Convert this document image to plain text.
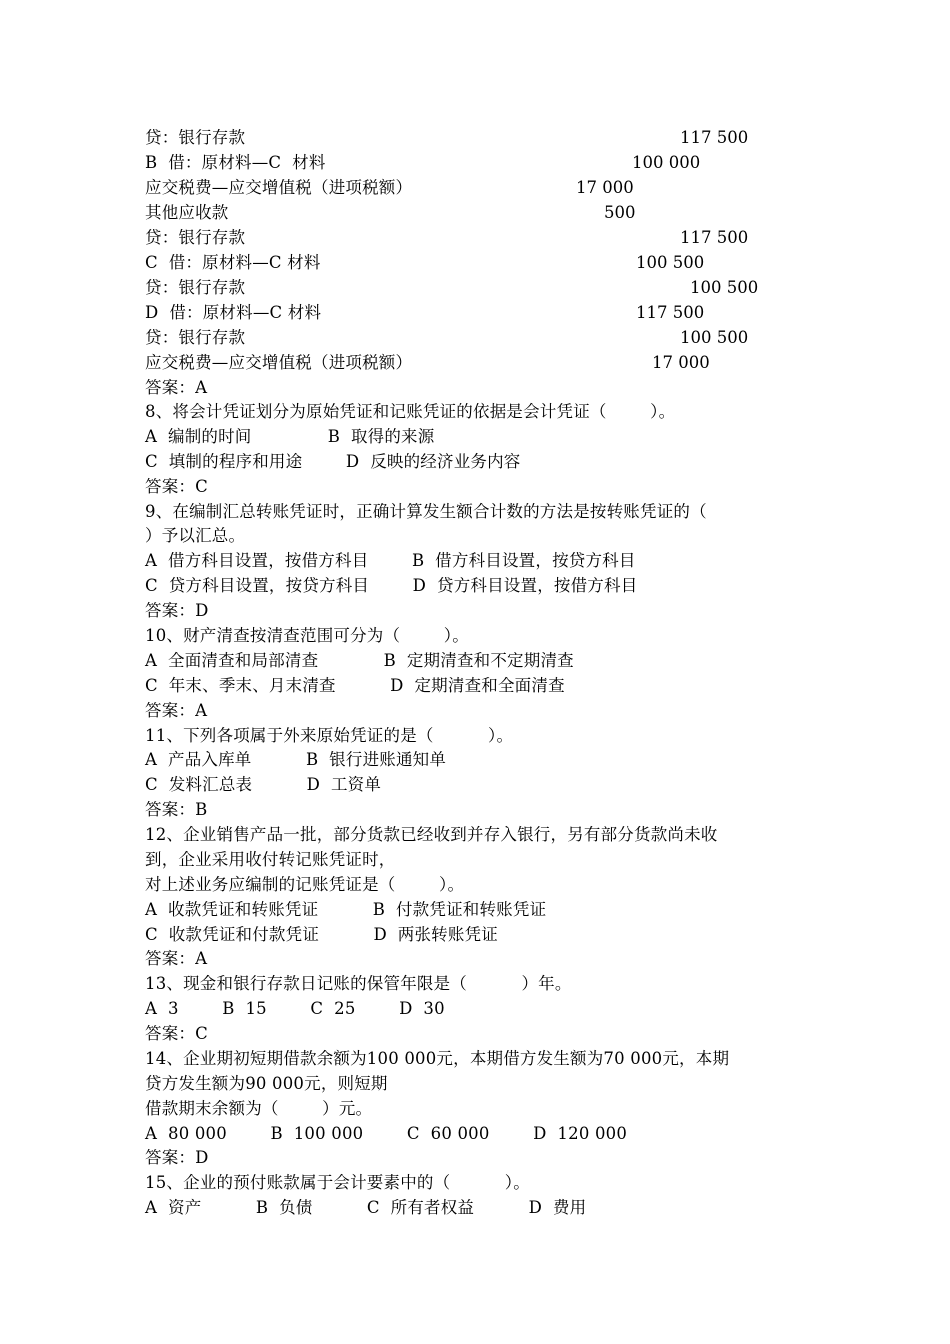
贷：银行存款	117 500
B  借：原材料—C  材料	100 000
应交税费—应交增值税（进项税额）	17 000
其他应收款	500
贷：银行存款	117 500
C  借：原材料—C 材料	100 500
贷：银行存款	100 500
D  借：原材料—C 材料	117 500
贷：银行存款	100 500
应交税费—应交增值税（进项税额）	17 000
答案：A
8、将会计凭证划分为原始凭证和记账凭证的依据是会计凭证（        ）。
A  编制的时间              B  取得的来源
C  填制的程序和用途        D  反映的经济业务内容
答案：C
9、在编制汇总转账凭证时，正确计算发生额合计数的方法是按转账凭证的（
）予以汇总。
A  借方科目设置，按借方科目        B  借方科目设置，按贷方科目
C  贷方科目设置，按贷方科目        D  贷方科目设置，按借方科目
答案：D
10、财产清查按清查范围可分为（        ）。
A  全面清查和局部清查            B  定期清查和不定期清查
C  年末、季末、月末清查          D  定期清查和全面清查
答案：A
11、下列各项属于外来原始凭证的是（          ）。
A  产品入库单          B  银行进账通知单
C  发料汇总表          D  工资单
答案：B
12、企业销售产品一批，部分货款已经收到并存入银行，另有部分货款尚未收
到，企业采用收付转记账凭证时，
对上述业务应编制的记账凭证是（        ）。
A  收款凭证和转账凭证          B  付款凭证和转账凭证
C  收款凭证和付款凭证          D  两张转账凭证
答案：A
13、现金和银行存款日记账的保管年限是（          ）年。
A  3        B  15        C  25        D  30
答案：C
14、企业期初短期借款余额为100 000元，本期借方发生额为70 000元，本期
贷方发生额为90 000元，则短期
借款期末余额为（        ）元。
A  80 000        B  100 000        C  60 000        D  120 000
答案：D
15、企业的预付账款属于会计要素中的（          ）。
A  资产          B  负债          C  所有者权益          D  费用
